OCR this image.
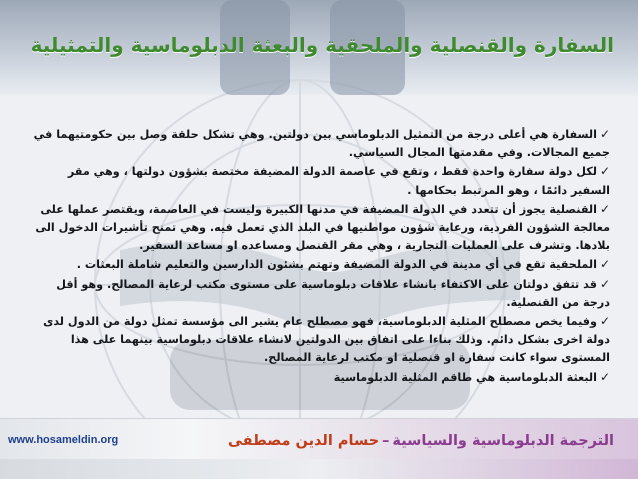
السفارة والقنصلية والملحقية والبعثة الدبلوماسية والتمثيلية

✓السفارة هي أعلى درجة من التمثيل الدبلوماسي بين دولتين. وهي تشكل حلقة وصل بين حكومتيهما في جميع المجالات. وفي مقدمتها المجال السياسي.

✓لكل دولة سفارة واحدة فقط ، وتقع في عاصمة الدولة المضيفة مختصة بشؤون دولتها ، وهي مقر السفير دائمًا ، وهو المرتبط بحكامها .

✓القنصلية يجوز أن تتعدد في الدولة المضيفة في مدنها الكبيرة وليست في العاصمة، ويقتصر عملها على معالجة الشؤون الفردية، ورعاية شؤون مواطنيها في البلد الذي تعمل فيه. وهي تمنح تأشيرات الدخول الى بلادها. وتشرف على العمليات التجارية ، وهي مقر القنصل ومساعده او مساعد السفير.

✓الملحقية تقع في أي مدينة في الدولة المضيفة وتهتم بشئون الدارسين والتعليم شاملة البعثات .

✓قد تتفق دولتان على الاكتفاء بانشاء علاقات دبلوماسية على مستوى مكتب لرعاية المصالح. وهو أقل درجة من القنصلية.

✓وفيما يخص مصطلح المثلية الدبلوماسية، فهو مصطلح عام يشير الى مؤسسة تمثل دولة من الدول لدى دولة اخرى بشكل دائم. وذلك بناءا على اتفاق بين الدولتين لانشاء علاقات دبلوماسية بينهما على هذا المستوى سواء كانت سفارة او قنصلية او مكتب لرعاية المصالح.

✓البعثة الدبلوماسية هي طاقم المثلية الدبلوماسية

www.hosameldin.org	الترجمة الدبلوماسية والسياسية–حسام الدين مصطفى
